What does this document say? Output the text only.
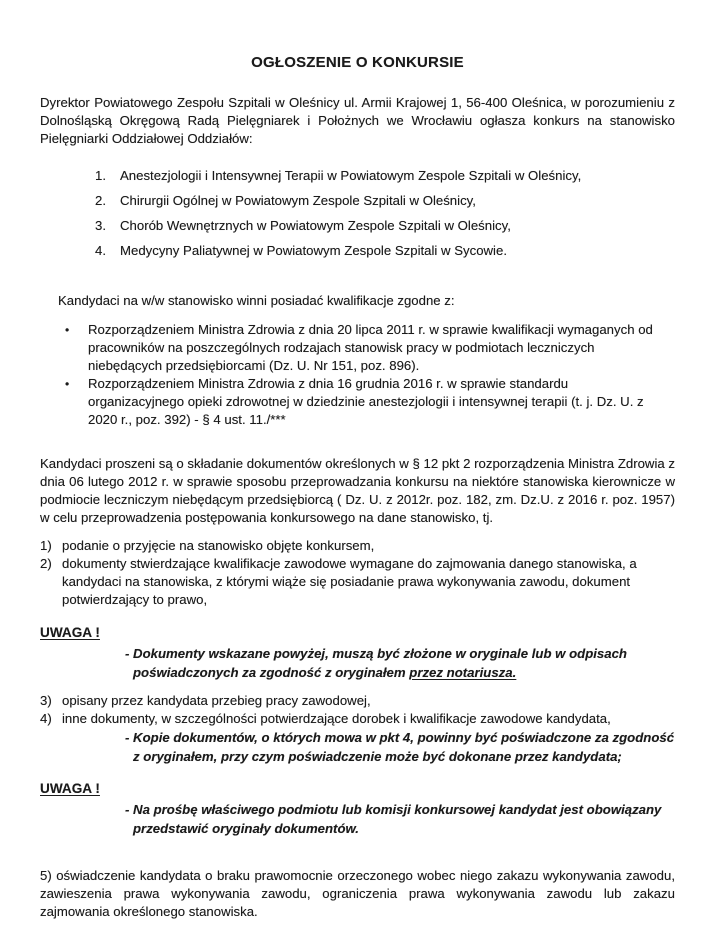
OGŁOSZENIE O KONKURSIE

Dyrektor Powiatowego Zespołu Szpitali w Oleśnicy ul. Armii Krajowej 1, 56-400 Oleśnica, w porozumieniu z Dolnośląską Okręgową Radą Pielęgniarek i Położnych we Wrocławiu ogłasza konkurs na stanowisko Pielęgniarki Oddziałowej Oddziałów:

1.	Anestezjologii i Intensywnej Terapii w Powiatowym Zespole Szpitali w Oleśnicy,
2.	Chirurgii Ogólnej w Powiatowym Zespole Szpitali w Oleśnicy,
3.	Chorób Wewnętrznych w Powiatowym Zespole Szpitali w Oleśnicy,
4.	Medycyny Paliatywnej w Powiatowym Zespole Szpitali w Sycowie.

Kandydaci na w/w stanowisko winni posiadać kwalifikacje zgodne z:

•	Rozporządzeniem Ministra Zdrowia z dnia 20 lipca 2011 r. w sprawie kwalifikacji wymaganych od pracowników na poszczególnych rodzajach stanowisk pracy w podmiotach leczniczych niebędących przedsiębiorcami (Dz. U. Nr 151, poz. 896).
•	Rozporządzeniem Ministra Zdrowia z dnia 16 grudnia 2016 r. w sprawie standardu organizacyjnego opieki zdrowotnej w dziedzinie anestezjologii i intensywnej terapii (t. j. Dz. U. z 2020 r., poz. 392) - § 4 ust. 11./***

Kandydaci proszeni są o składanie dokumentów określonych w § 12 pkt 2 rozporządzenia Ministra Zdrowia z dnia 06 lutego 2012 r. w sprawie sposobu przeprowadzania konkursu na niektóre stanowiska kierownicze w podmiocie leczniczym niebędącym przedsiębiorcą ( Dz. U. z 2012r. poz. 182, zm. Dz.U. z 2016 r. poz. 1957) w celu przeprowadzenia postępowania konkursowego na dane stanowisko, tj.

1) podanie o przyjęcie na stanowisko objęte konkursem,

2) dokumenty stwierdzające kwalifikacje zawodowe wymagane do zajmowania danego stanowiska, a kandydaci na stanowiska, z którymi wiąże się posiadanie prawa wykonywania zawodu, dokument potwierdzający to prawo,

UWAGA !

- Dokumenty wskazane powyżej, muszą być złożone w oryginale lub w odpisach poświadczonych za zgodność z oryginałem przez notariusza.

3) opisany przez kandydata przebieg pracy zawodowej,

4) inne dokumenty, w szczególności potwierdzające dorobek i kwalifikacje zawodowe kandydata,

- Kopie dokumentów, o których mowa w pkt 4, powinny być poświadczone za zgodność z oryginałem, przy czym poświadczenie może być dokonane przez kandydata;

UWAGA !

- Na prośbę właściwego podmiotu lub komisji konkursowej kandydat jest obowiązany przedstawić oryginały dokumentów.

5) oświadczenie kandydata o braku prawomocnie orzeczonego wobec niego zakazu wykonywania zawodu, zawieszenia prawa wykonywania zawodu, ograniczenia prawa wykonywania zawodu lub zakazu zajmowania określonego stanowiska.
